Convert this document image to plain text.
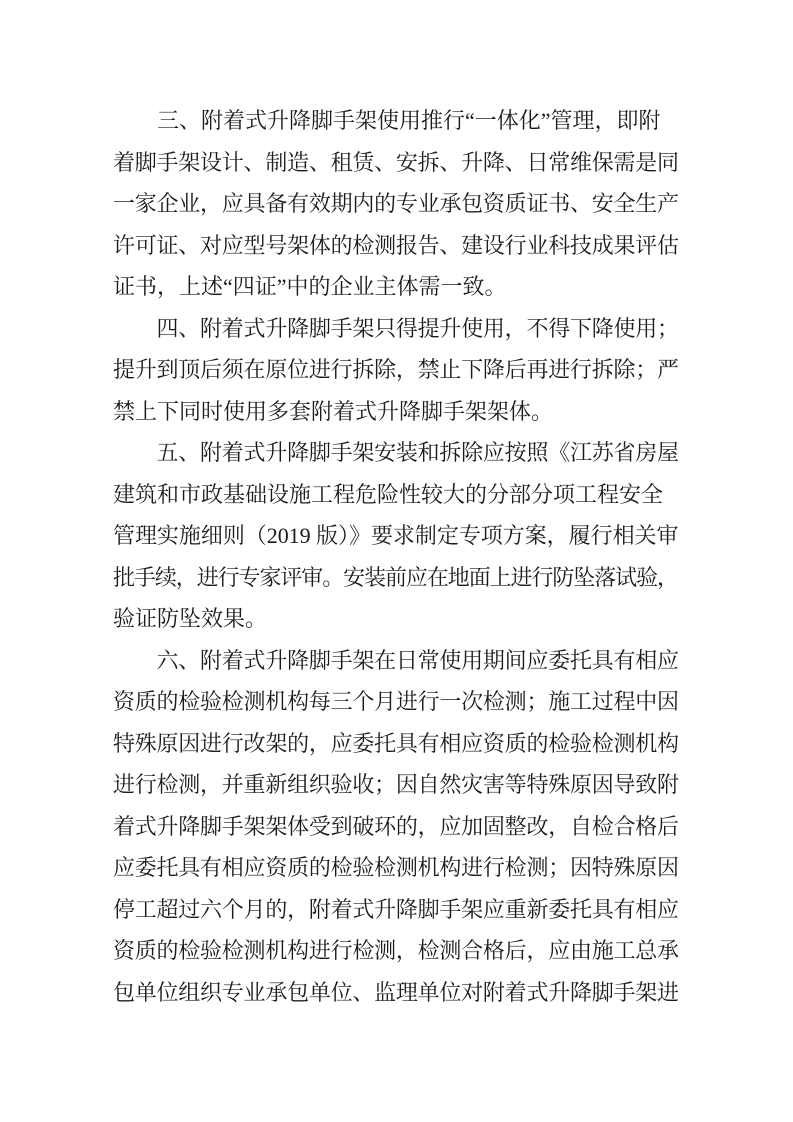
　　三、附着式升降脚手架使用推行“一体化”管理，即附
着脚手架设计、制造、租赁、安拆、升降、日常维保需是同
一家企业，应具备有效期内的专业承包资质证书、安全生产
许可证、对应型号架体的检测报告、建设行业科技成果评估
证书，上述“四证”中的企业主体需一致。
　　四、附着式升降脚手架只得提升使用，不得下降使用；
提升到顶后须在原位进行拆除，禁止下降后再进行拆除；严
禁上下同时使用多套附着式升降脚手架架体。
　　五、附着式升降脚手架安装和拆除应按照《江苏省房屋
建筑和市政基础设施工程危险性较大的分部分项工程安全
管理实施细则（2019 版）》要求制定专项方案，履行相关审
批手续，进行专家评审。安装前应在地面上进行防坠落试验，
验证防坠效果。
　　六、附着式升降脚手架在日常使用期间应委托具有相应
资质的检验检测机构每三个月进行一次检测；施工过程中因
特殊原因进行改架的，应委托具有相应资质的检验检测机构
进行检测，并重新组织验收；因自然灾害等特殊原因导致附
着式升降脚手架架体受到破环的，应加固整改，自检合格后
应委托具有相应资质的检验检测机构进行检测；因特殊原因
停工超过六个月的，附着式升降脚手架应重新委托具有相应
资质的检验检测机构进行检测，检测合格后，应由施工总承
包单位组织专业承包单位、监理单位对附着式升降脚手架进
